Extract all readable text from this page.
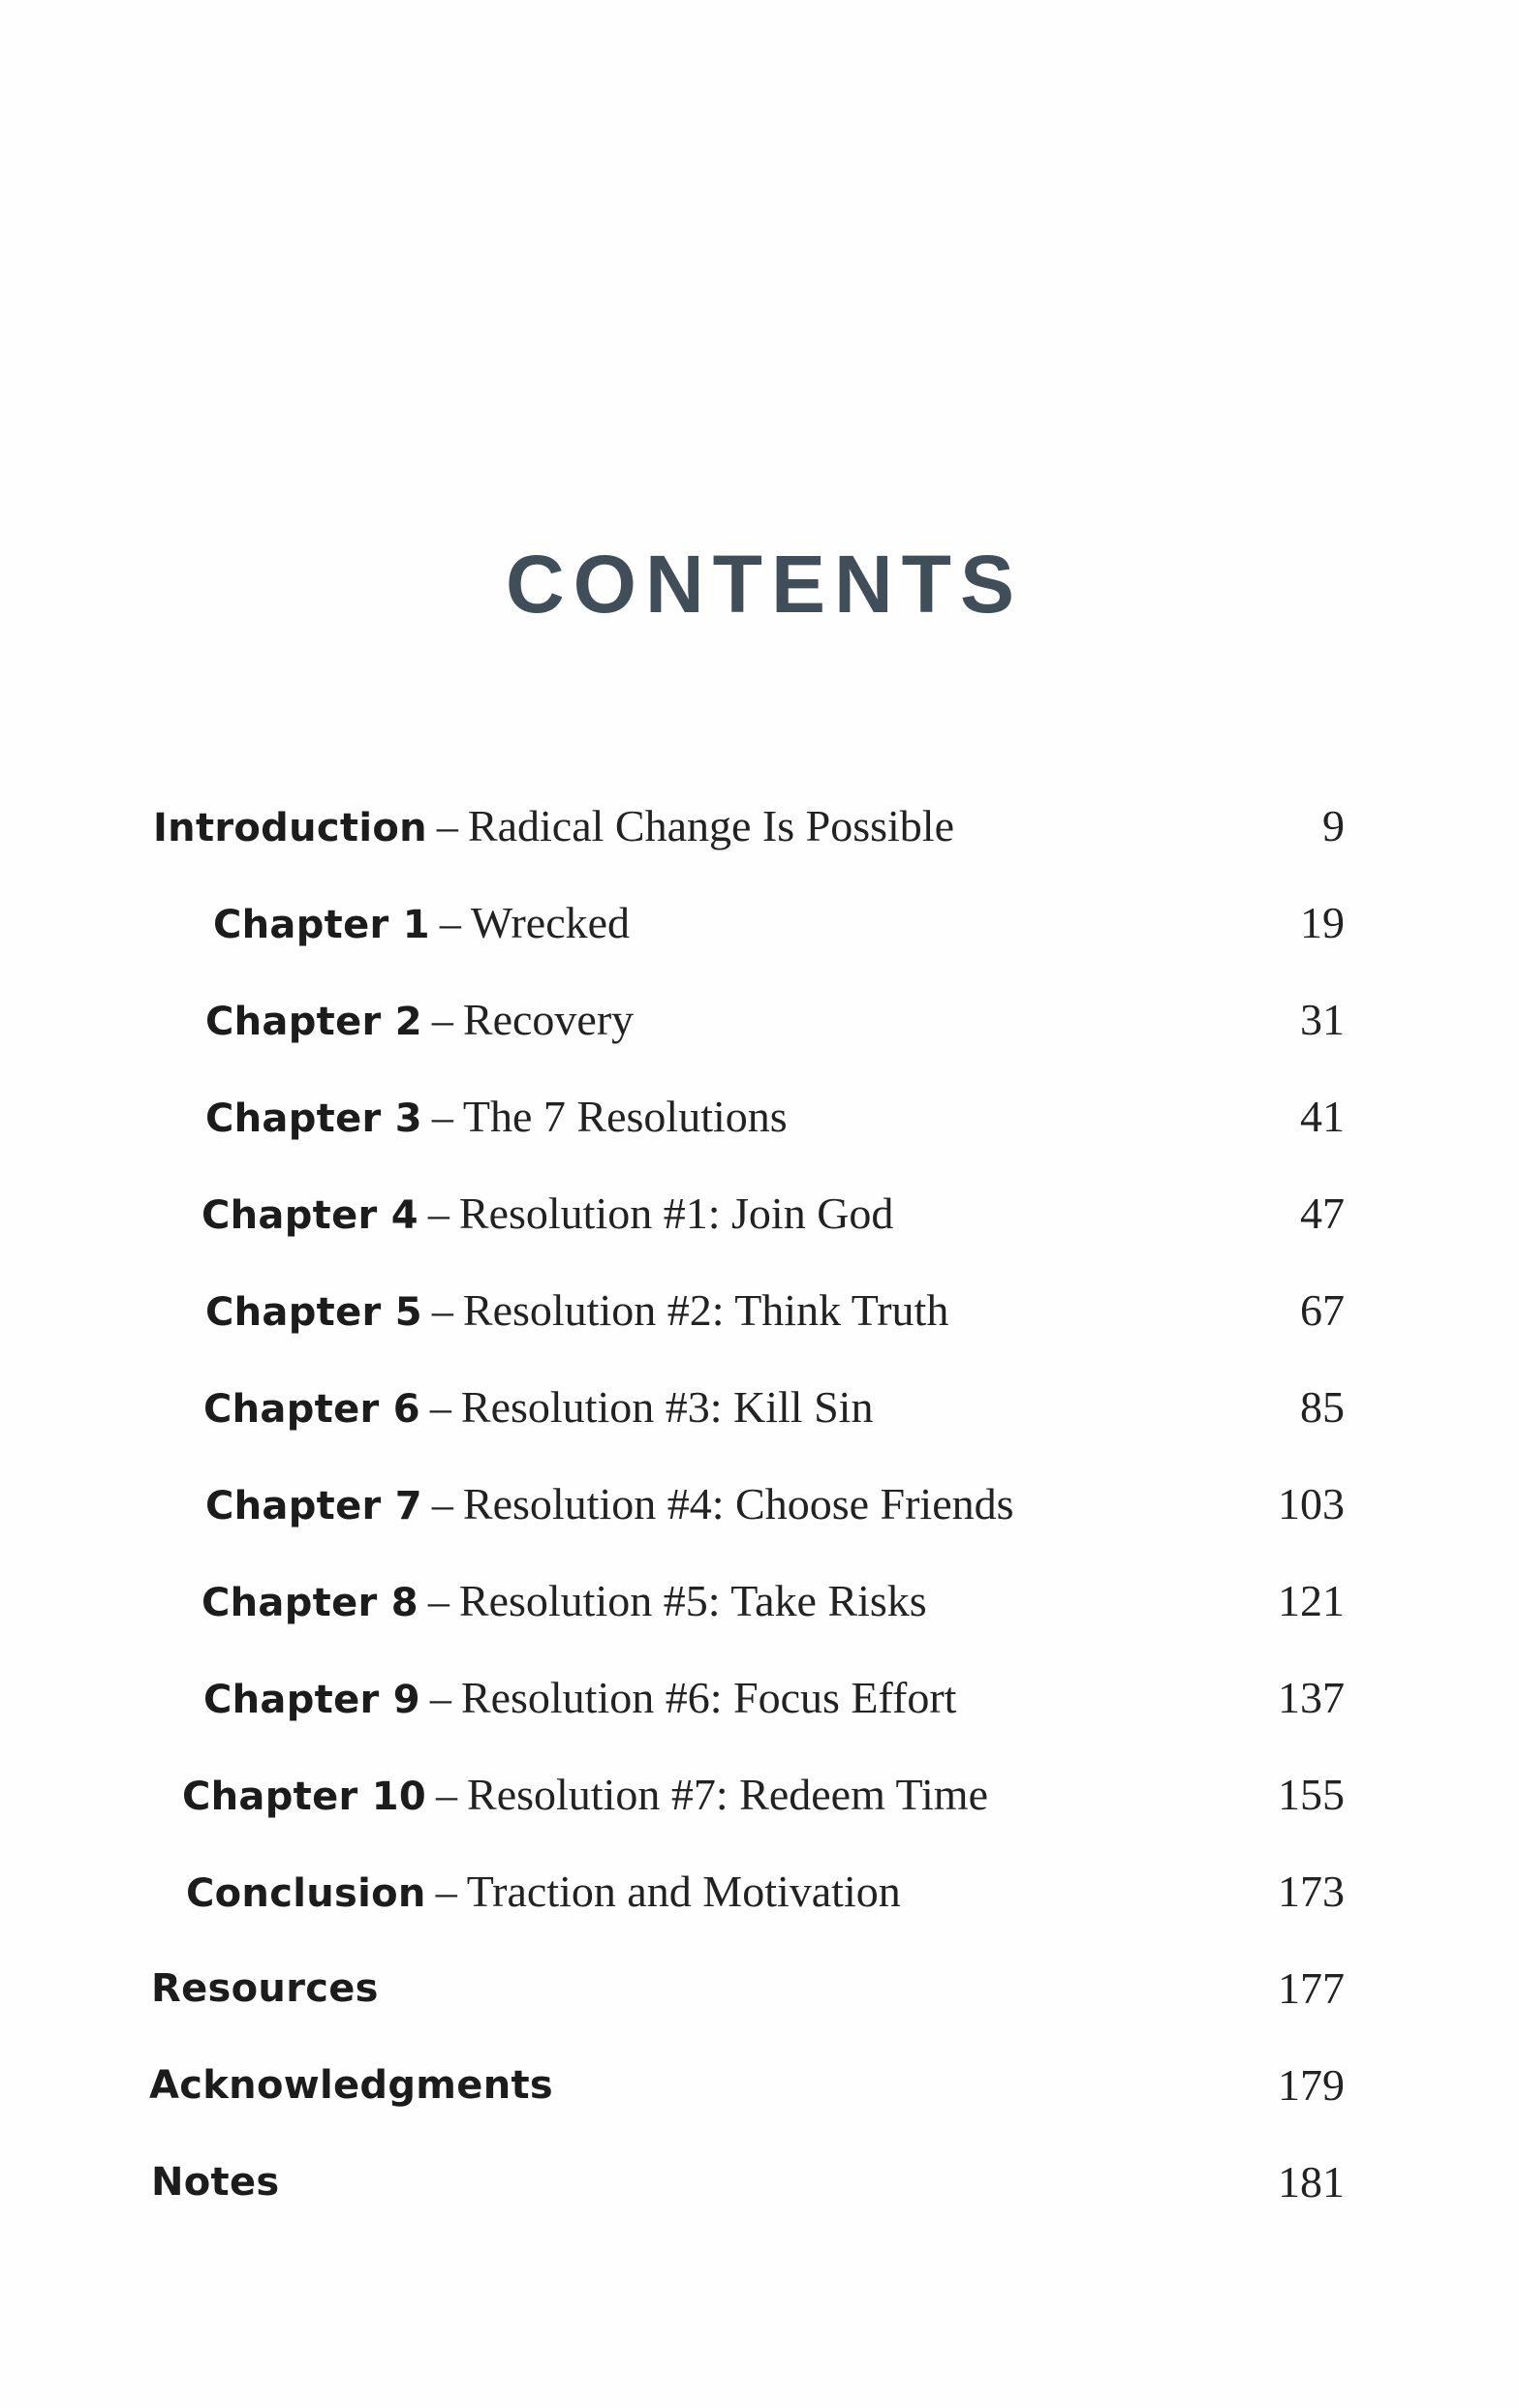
CONTENTS
Introduction – Radical Change Is Possible	9
Chapter 1 – Wrecked	19
Chapter 2 – Recovery	31
Chapter 3 – The 7 Resolutions	41
Chapter 4 – Resolution #1: Join God	47
Chapter 5 – Resolution #2: Think Truth	67
Chapter 6 – Resolution #3: Kill Sin	85
Chapter 7 – Resolution #4: Choose Friends	103
Chapter 8 – Resolution #5: Take Risks	121
Chapter 9 – Resolution #6: Focus Effort	137
Chapter 10 – Resolution #7: Redeem Time	155
Conclusion – Traction and Motivation	173
Resources	177
Acknowledgments	179
Notes	181
